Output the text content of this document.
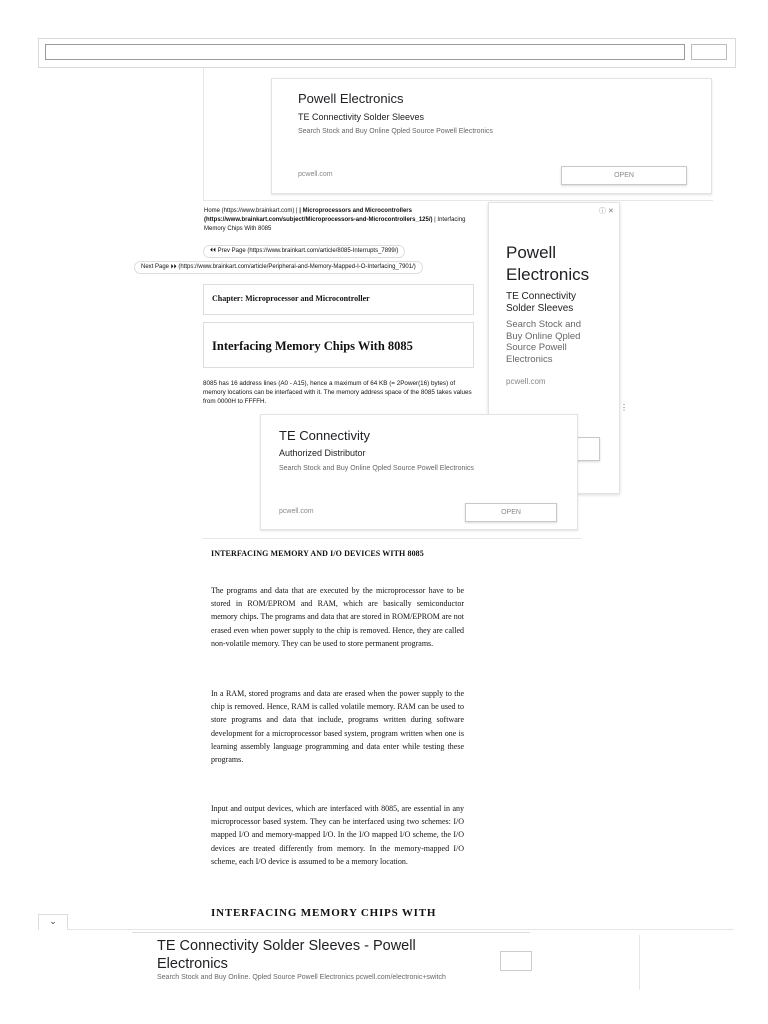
Powell Electronics
TE Connectivity Solder Sleeves
Search Stock and Buy Online Qpled Source Powell Electronics
pcwell.com	OPEN
Home (https://www.brainkart.com) | | Microprocessors and Microcontrollers (https://www.brainkart.com/subject/Microprocessors-and-Microcontrollers_125/) | Interfacing Memory Chips With 8085
⏴⏴ Prev Page (https://www.brainkart.com/article/8085-Interrupts_7899/)
Next Page ⏵⏵ (https://www.brainkart.com/article/Peripheral-and-Memory-Mapped-I-O-Interfacing_7901/)
Chapter: Microprocessor and Microcontroller
Interfacing Memory Chips With 8085
8085 has 16 address lines (A0 - A15), hence a maximum of 64 KB (= 2Power(16) bytes) of memory locations can be interfaced with it. The memory address space of the 8085 takes values from 0000H to FFFFH.
ⓘ ✕
Powell Electronics
TE Connectivity Solder Sleeves
Search Stock and Buy Online Qpled Source Powell Electronics
pcwell.com
⋮
TE Connectivity
Authorized Distributor
Search Stock and Buy Online Qpled Source Powell Electronics
pcwell.com	OPEN
INTERFACING MEMORY AND I/O DEVICES WITH 8085
The programs and data that are executed by the microprocessor have to be stored in ROM/EPROM and RAM, which are basically semiconductor memory chips. The programs and data that are stored in ROM/EPROM are not erased even when power supply to the chip is removed. Hence, they are called non-volatile memory. They can be used to store permanent programs.
In a RAM, stored programs and data are erased when the power supply to the chip is removed. Hence, RAM is called volatile memory. RAM can be used to store programs and data that include, programs written during software development for a microprocessor based system, program written when one is learning assembly language programming and data enter while testing these programs.
Input and output devices, which are interfaced with 8085, are essential in any microprocessor based system. They can be interfaced using two schemes: I/O mapped I/O and memory-mapped I/O. In the I/O mapped I/O scheme, the I/O devices are treated differently from memory. In the memory-mapped I/O scheme, each I/O device is assumed to be a memory location.
INTERFACING MEMORY CHIPS WITH
⌄
TE Connectivity Solder Sleeves - Powell Electronics
Search Stock and Buy Online. Qpled Source Powell Electronics pcwell.com/electronic+switch
